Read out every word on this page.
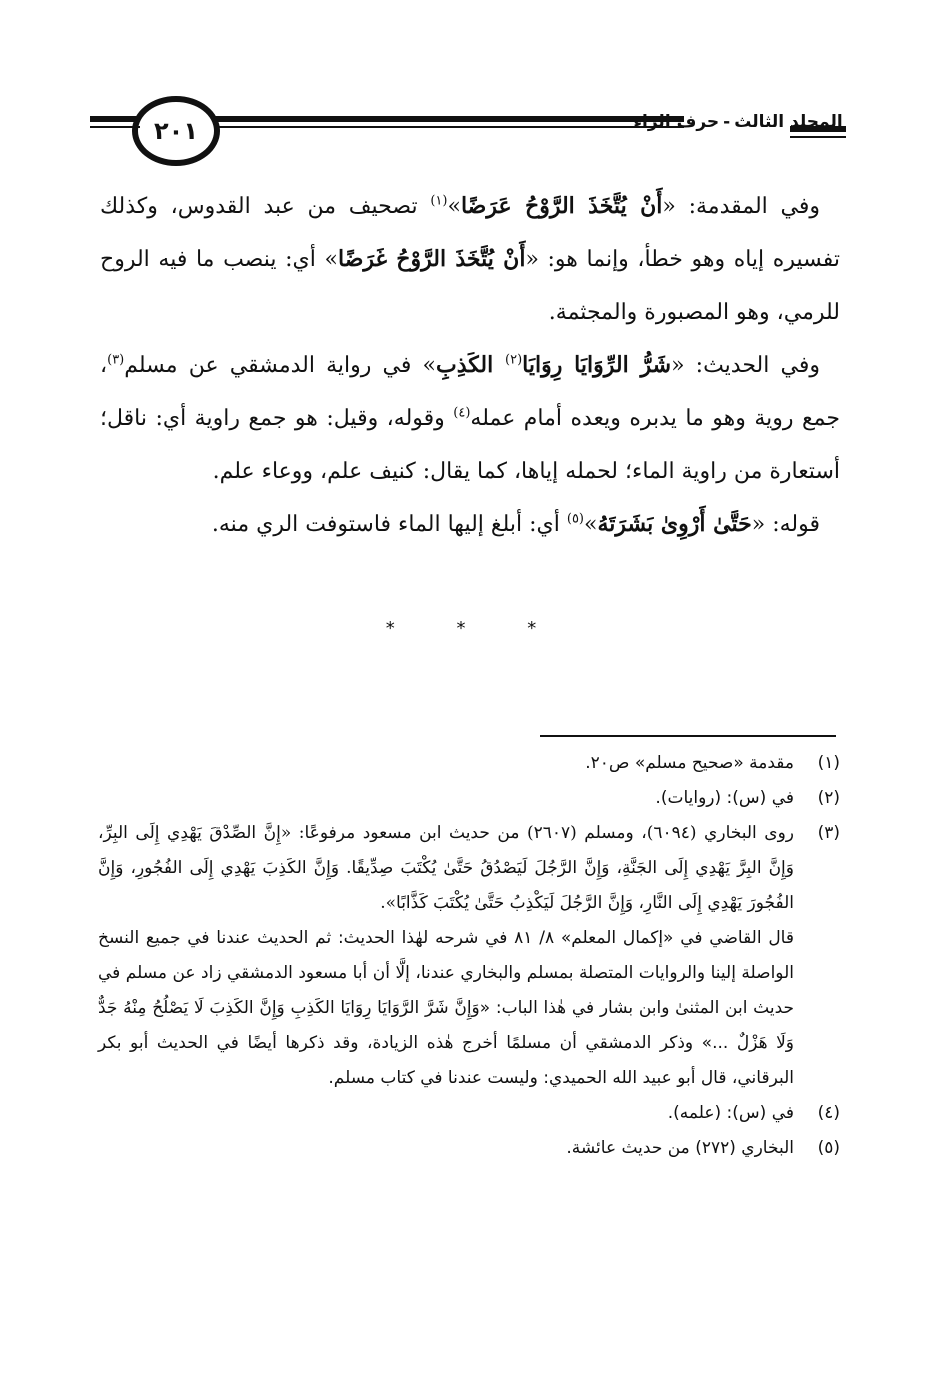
٢٠١	المجلد الثالث
-
حرف الراء

وفي المقدمة: «أَنْ يُتَّخَذَ الرَّوْحُ عَرَضًا»$^{(١)}$ تصحيف من عبد القدوس، وكذلك تفسيره إياه وهو خطأ، وإنما هو: «أَنْ يُتَّخَذَ الرَّوْحُ غَرَضًا» أي: ينصب ما فيه الروح للرمي، وهو المصبورة والمجثمة.

وفي الحديث: «شَرُّ الرِّوَايَا رِوَايَا$^{(٢)}$ الكَذِبِ» في رواية الدمشقي عن مسلم$^{(٣)}$، جمع روية وهو ما يدبره ويعده أمام عمله$^{(٤)}$ وقوله، وقيل: هو جمع راوية أي: ناقل؛ أستعارة من راوية الماء؛ لحمله إياها، كما يقال: كنيف علم، ووعاء علم.

قوله: «حَتَّىٰ أَرْوِىٰ بَشَرَتَهُ»$^{(٥)}$ أي: أبلغ إليها الماء فاستوفت الري منه.

* * *
(١)
مقدمة «صحيح مسلم» ص٢٠.
(٢)
في (س): (روايات).
(٣)

روى البخاري (٦٠٩٤)، ومسلم (٢٦٠٧) من حديث ابن مسعود مرفوعًا: «إِنَّ الصِّدْقَ يَهْدِي إِلَى البِرِّ، وَإِنَّ البِرَّ يَهْدِي إِلَى الجَنَّةِ، وَإِنَّ الرَّجُلَ لَيَصْدُقُ حَتَّىٰ يُكْتَبَ صِدِّيقًا. وَإِنَّ الكَذِبَ يَهْدِي إِلَى الفُجُورِ، وَإِنَّ الفُجُورَ يَهْدِي إِلَى النَّارِ، وَإِنَّ الرَّجُلَ لَيَكْذِبُ حَتَّىٰ يُكْتَبَ كَذَّابًا».

قال القاضي في «إكمال المعلم» ٨/ ٨١ في شرحه لهٰذا الحديث: ثم الحديث عندنا في جميع النسخ الواصلة إلينا والروايات المتصلة بمسلم والبخاري عندنا، إلَّا أن أبا مسعود الدمشقي زاد عن مسلم في حديث ابن المثنىٰ وابن بشار في هٰذا الباب: «وَإِنَّ شَرَّ الرَّوَايَا رِوَايَا الكَذِبِ وَإِنَّ الكَذِبَ لَا يَصْلُحُ مِنْهُ جَدٌّ وَلَا هَزْلٌ ...» وذكر الدمشقي أن مسلمًا أخرج هٰذه الزيادة، وقد ذكرها أيضًا في الحديث أبو بكر البرقاني، قال أبو عبيد الله الحميدي: وليست عندنا في كتاب مسلم.

(٤)
في (س): (علمه).
(٥)
البخاري (٢٧٢) من حديث عائشة.
